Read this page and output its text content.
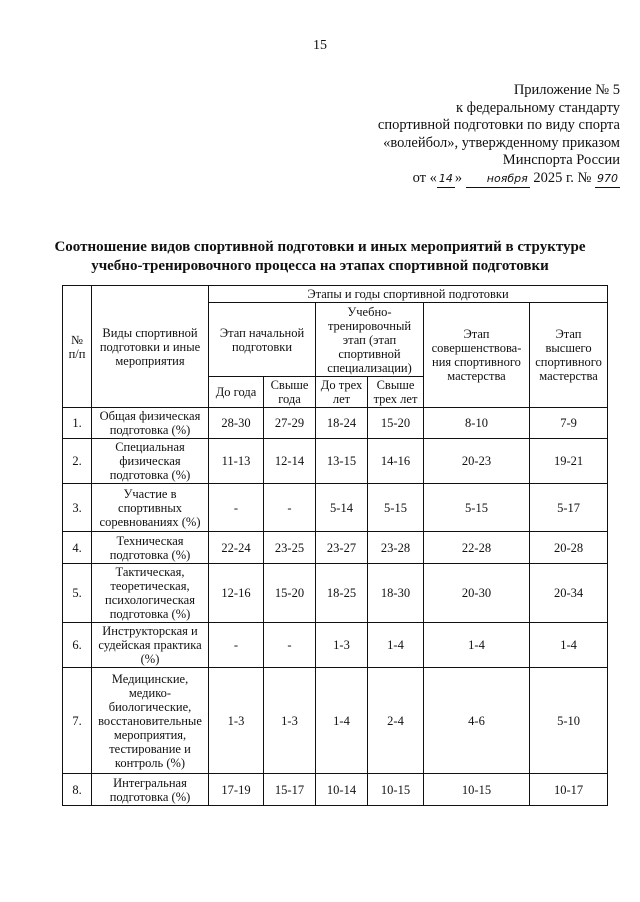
15
Приложение № 5
к федеральному стандарту
спортивной подготовки по виду спорта
«волейбол», утвержденному приказом
Минспорта России
от « 14 » ноября 2025 г. № 970
Соотношение видов спортивной подготовки и иных мероприятий в структуре
учебно-тренировочного процесса на этапах спортивной подготовки
№ п/п	Виды спортивной подготовки и иные мероприятия	Этапы и годы спортивной подготовки					
		Этап начальной подготовки		Учебно-тренировочный этап (этап спортивной специализации)		Этап совершенствова-ния спортивного мастерства	Этап высшего спортивного мастерства
		До года	Свыше года	До трех лет	Свыше трех лет		
1.	Общая физическая подготовка (%)	28-30	27-29	18-24	15-20	8-10	7-9
2.	Специальная физическая подготовка (%)	11-13	12-14	13-15	14-16	20-23	19-21
3.	Участие в спортивных соревнованиях (%)	-	-	5-14	5-15	5-15	5-17
4.	Техническая подготовка (%)	22-24	23-25	23-27	23-28	22-28	20-28
5.	Тактическая, теоретическая, психологическая подготовка (%)	12-16	15-20	18-25	18-30	20-30	20-34
6.	Инструкторская и судейская практика (%)	-	-	1-3	1-4	1-4	1-4
7.	Медицинские, медико-биологические, восстановительные мероприятия, тестирование и контроль (%)	1-3	1-3	1-4	2-4	4-6	5-10
8.	Интегральная подготовка (%)	17-19	15-17	10-14	10-15	10-15	10-17
